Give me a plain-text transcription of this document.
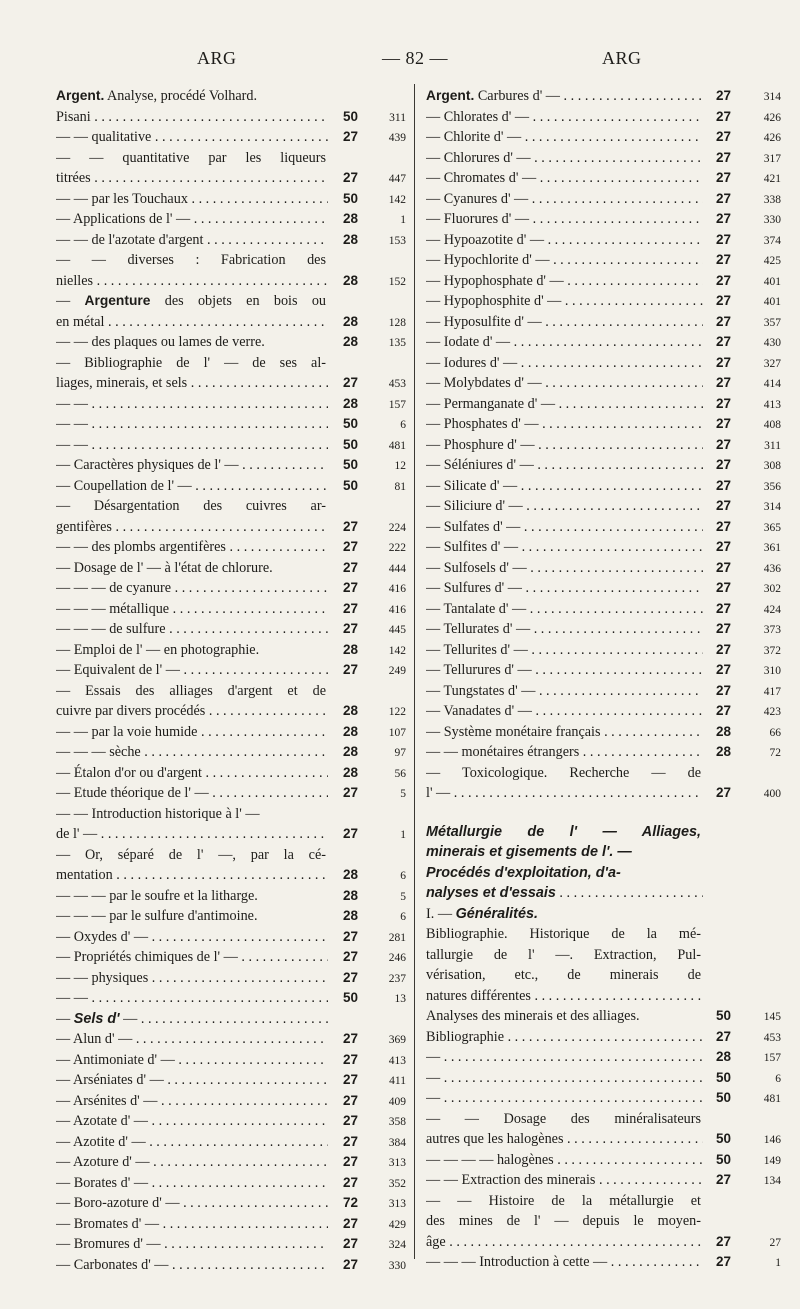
ARG	— 82 —	ARG
Argent. Analyse, procédé Volhard.
Pisani . . .	50	311
— — qualitative . . .	27	439
— — quantitative par les liqueurs
titrées . . .	27	447
— — par les Touchaux . . .	50	142
— Applications de l' — . . .	28	1
— — de l'azotate d'argent . . .	28	153
— — diverses : Fabrication des
nielles . . .	28	152
— Argenture des objets en bois ou
en métal . . .	28	128
— — des plaques ou lames de verre.	28	135
— Bibliographie de l' — de ses al-
liages, minerais, et sels . . .	27	453
— — . . .	28	157
— — . . .	50	6
— — . . .	50	481
— Caractères physiques de l' — . . .	50	12
— Coupellation de l' — . . .	50	81
— Désargentation des cuivres ar-
gentifères . . .	27	224
— — des plombs argentifères . . .	27	222
— Dosage de l' — à l'état de chlorure.	27	444
— — — de cyanure . . .	27	416
— — — métallique . . .	27	416
— — — de sulfure . . .	27	445
— Emploi de l' — en photographie.	28	142
— Equivalent de l' — . . .	27	249
— Essais des alliages d'argent et de
cuivre par divers procédés . . .	28	122
— — par la voie humide . . .	28	107
— — — sèche . . .	28	97
— Étalon d'or ou d'argent . . .	28	56
— Etude théorique de l' — . . .	27	5
— — Introduction historique à l' —
de l' — . . .	27	1
— Or, séparé de l' —, par la cé-
mentation . . .	28	6
— — — par le soufre et la litharge.	28	5
— — — par le sulfure d'antimoine.	28	6
— Oxydes d' — . . .	27	281
— Propriétés chimiques de l' — . . .	27	246
— — physiques . . .	27	237
— — . . .	50	13
— Sels d' — . . .
— Alun d' — . . .	27	369
— Antimoniate d' — . . .	27	413
— Arséniates d' — . . .	27	411
— Arsénites d' — . . .	27	409
— Azotate d' — . . .	27	358
— Azotite d' — . . .	27	384
— Azoture d' — . . .	27	313
— Borates d' — . . .	27	352
— Boro-azoture d' — . . .	72	313
— Bromates d' — . . .	27	429
— Bromures d' — . . .	27	324
— Carbonates d' — . . .	27	330
Argent. Carbures d' — . . .	27	314
— Chlorates d' — . . .	27	426
— Chlorite d' — . . .	27	426
— Chlorures d' — . . .	27	317
— Chromates d' — . . .	27	421
— Cyanures d' — . . .	27	338
— Fluorures d' — . . .	27	330
— Hypoazotite d' — . . .	27	374
— Hypochlorite d' — . . .	27	425
— Hypophosphate d' — . . .	27	401
— Hypophosphite d' — . . .	27	401
— Hyposulfite d' — . . .	27	357
— Iodate d' — . . .	27	430
— Iodures d' — . . .	27	327
— Molybdates d' — . . .	27	414
— Permanganate d' — . . .	27	413
— Phosphates d' — . . .	27	408
— Phosphure d' — . . .	27	311
— Séléniures d' — . . .	27	308
— Silicate d' — . . .	27	356
— Siliciure d' — . . .	27	314
— Sulfates d' — . . .	27	365
— Sulfites d' — . . .	27	361
— Sulfosels d' — . . .	27	436
— Sulfures d' — . . .	27	302
— Tantalate d' — . . .	27	424
— Tellurates d' — . . .	27	373
— Tellurites d' — . . .	27	372
— Tellurures d' — . . .	27	310
— Tungstates d' — . . .	27	417
— Vanadates d' — . . .	27	423
— Système monétaire français . . .	28	66
— — monétaires étrangers . . .	28	72
— Toxicologique. Recherche — de
l' — . . .	27	400
Métallurgie de l' — Alliages,
minerais et gisements de l'. —
Procédés d'exploitation, d'a-
nalyses et d'essais . . .
I. — Généralités.
Bibliographie. Historique de la mé-
tallurgie de l' —. Extraction, Pul-
vérisation, etc., de minerais de
natures différentes . . .
Analyses des minerais et des alliages.	50	145
Bibliographie . . .	27	453
— . . .	28	157
— . . .	50	6
— . . .	50	481
— — Dosage des minéralisateurs
autres que les halogènes . . .	50	146
— — — — halogènes . . .	50	149
— — Extraction des minerais . . .	27	134
— — Histoire de la métallurgie et
des mines de l' — depuis le moyen-
âge . . .	27	27
— — — Introduction à cette — . . .	27	1
